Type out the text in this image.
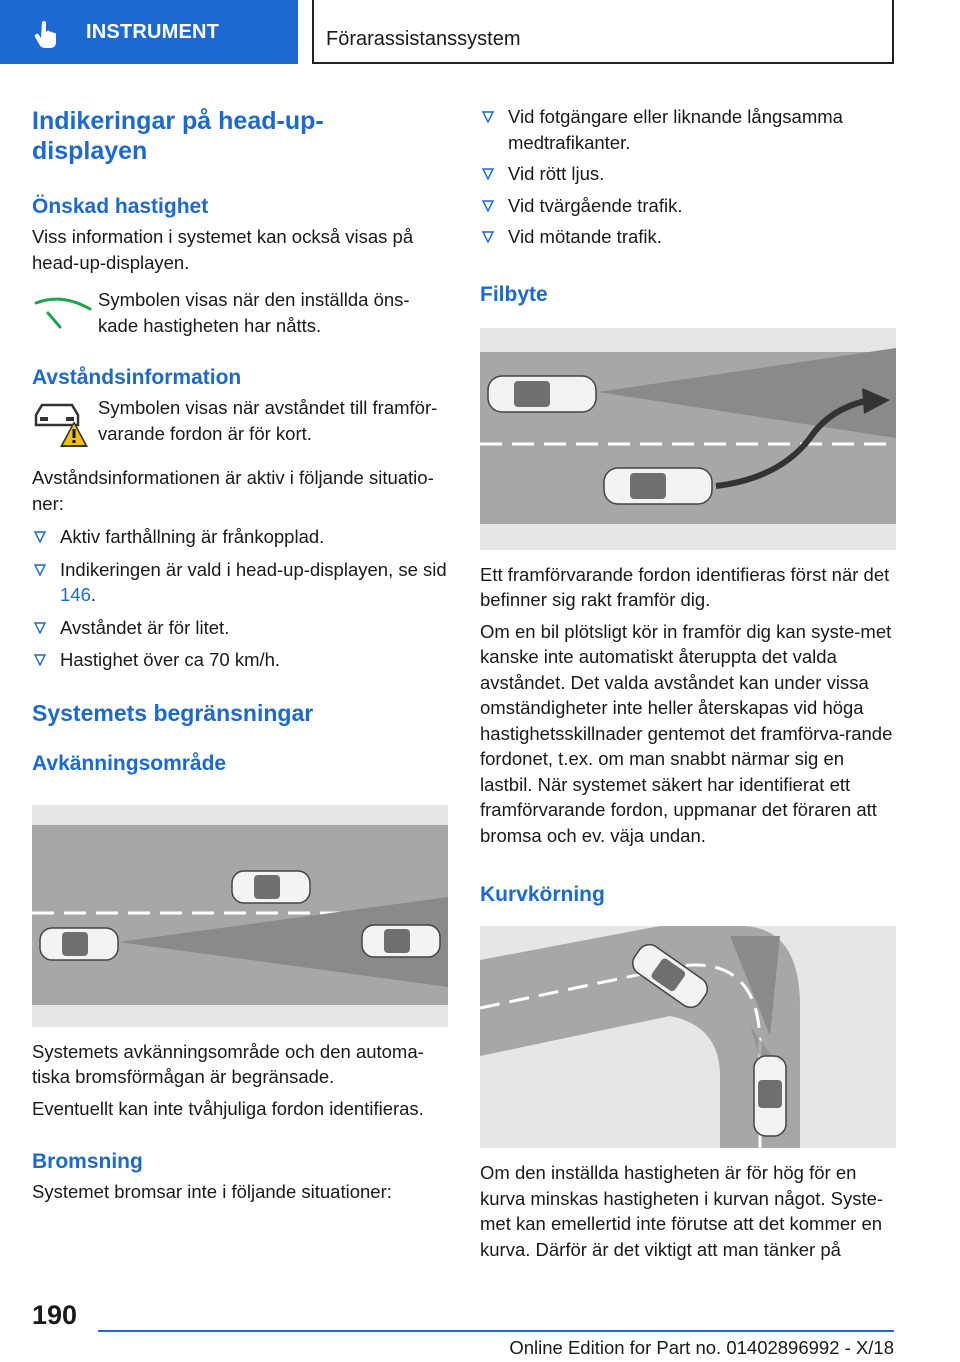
INSTRUMENT	Förarassistanssystem
Indikeringar på head-up-displayen
Önskad hastighet
Viss information i systemet kan också visas på head-up-displayen.
Symbolen visas när den inställda öns-kade hastigheten har nåtts.
Avståndsinformation
Symbolen visas när avståndet till framför-varande fordon är för kort.
Avståndsinformationen är aktiv i följande situatio-ner:
Aktiv farthållning är frånkopplad.
Indikeringen är vald i head-up-displayen, se sid 146.
Avståndet är för litet.
Hastighet över ca 70 km/h.
Systemets begränsningar
Avkänningsområde
Systemets avkänningsområde och den automa-tiska bromsförmågan är begränsade.
Eventuellt kan inte tvåhjuliga fordon identifieras.
Bromsning
Systemet bromsar inte i följande situationer:
Vid fotgängare eller liknande långsamma medtrafikanter.
Vid rött ljus.
Vid tvärgående trafik.
Vid mötande trafik.
Filbyte
Ett framförvarande fordon identifieras först när det befinner sig rakt framför dig.
Om en bil plötsligt kör in framför dig kan syste-met kanske inte automatiskt återuppta det valda avståndet. Det valda avståndet kan under vissa omständigheter inte heller återskapas vid höga hastighetsskillnader gentemot det framförva-rande fordonet, t.ex. om man snabbt närmar sig en lastbil. När systemet säkert har identifierat ett framförvarande fordon, uppmanar det föraren att bromsa och ev. väja undan.
Kurvkörning
Om den inställda hastigheten är för hög för en kurva minskas hastigheten i kurvan något. Syste-met kan emellertid inte förutse att det kommer en kurva. Därför är det viktigt att man tänker på
190
Online Edition for Part no. 01402896992 - X/18
